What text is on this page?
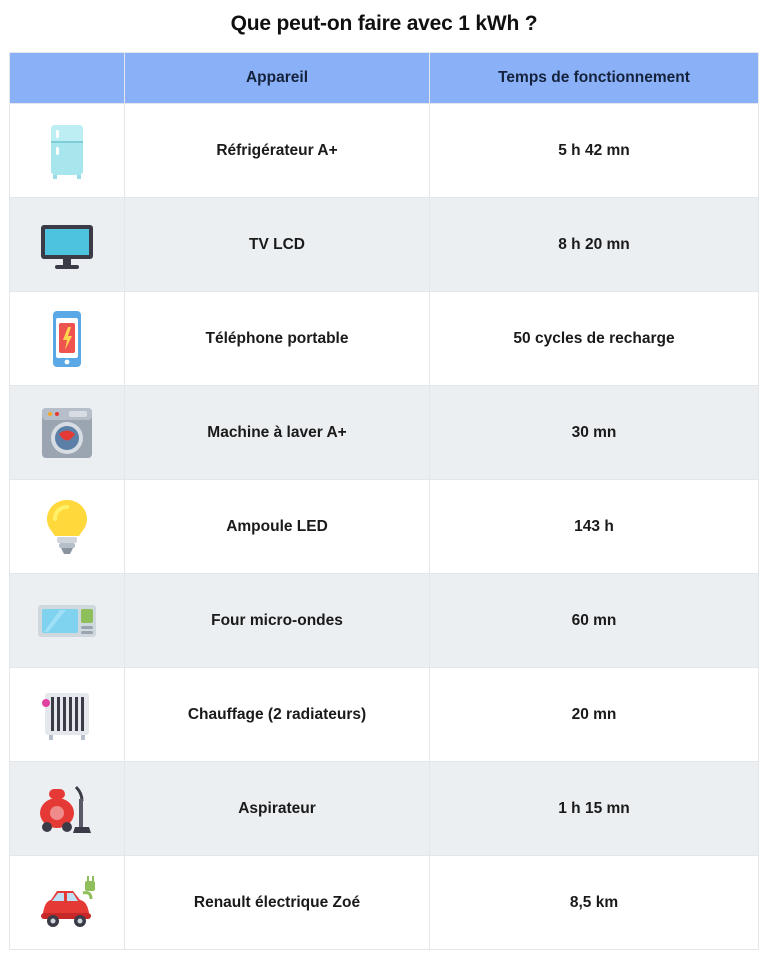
Que peut-on faire avec 1 kWh ?
	Appareil	Temps de fonctionnement
	Réfrigérateur A+	5 h 42 mn
	TV LCD	8 h 20 mn
	Téléphone portable	50 cycles de recharge
	Machine à laver A+	30 mn
	Ampoule LED	143 h
	Four micro-ondes	60 mn
	Chauffage (2 radiateurs)	20 mn
	Aspirateur	1 h 15 mn
	Renault électrique Zoé	8,5 km
